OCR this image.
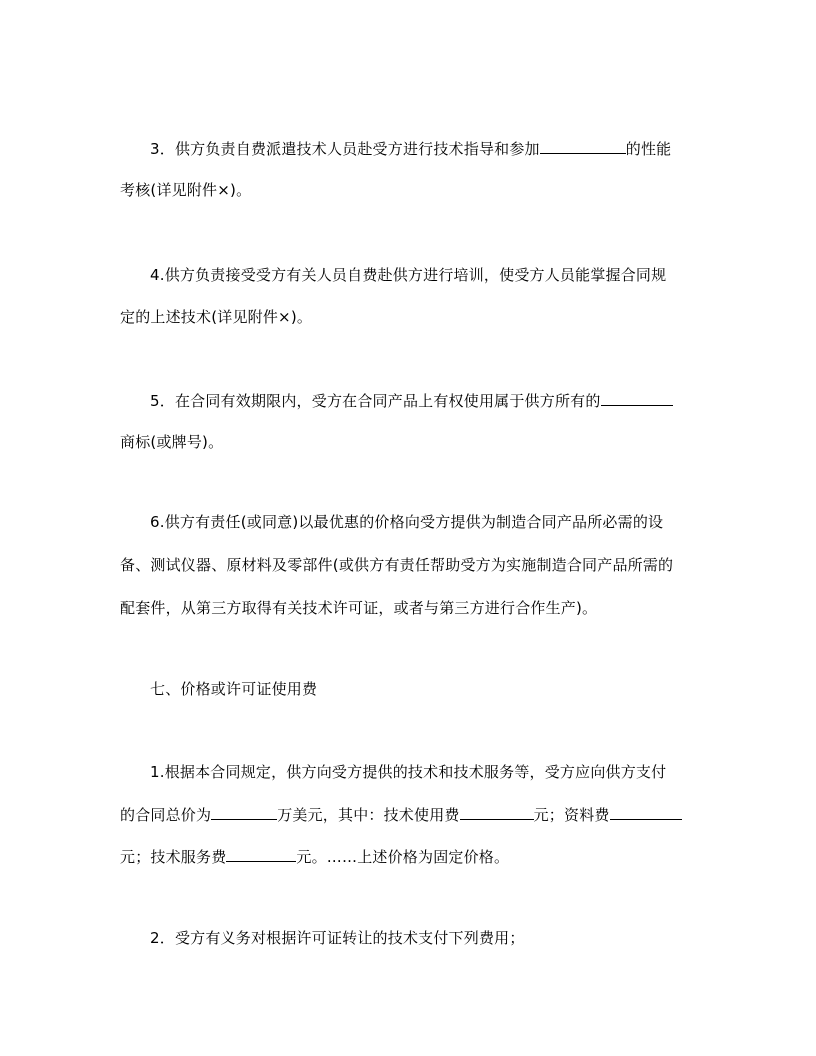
3．供方负责自费派遣技术人员赴受方进行技术指导和参加	的性能
考核(详见附件×)。
4.供方负责接受受方有关人员自费赴供方进行培训，使受方人员能掌握合同规
定的上述技术(详见附件×)。
5．在合同有效期限内，受方在合同产品上有权使用属于供方所有的
商标(或牌号)。
6.供方有责任(或同意)以最优惠的价格向受方提供为制造合同产品所必需的设
备、测试仪器、原材料及零部件(或供方有责任帮助受方为实施制造合同产品所需的
配套件，从第三方取得有关技术许可证，或者与第三方进行合作生产)。
七、价格或许可证使用费
1.根据本合同规定，供方向受方提供的技术和技术服务等，受方应向供方支付
的合同总价为	万美元，其中：技术使用费	元；资料费
元；技术服务费	元。……上述价格为固定价格。
2．受方有义务对根据许可证转让的技术支付下列费用；
